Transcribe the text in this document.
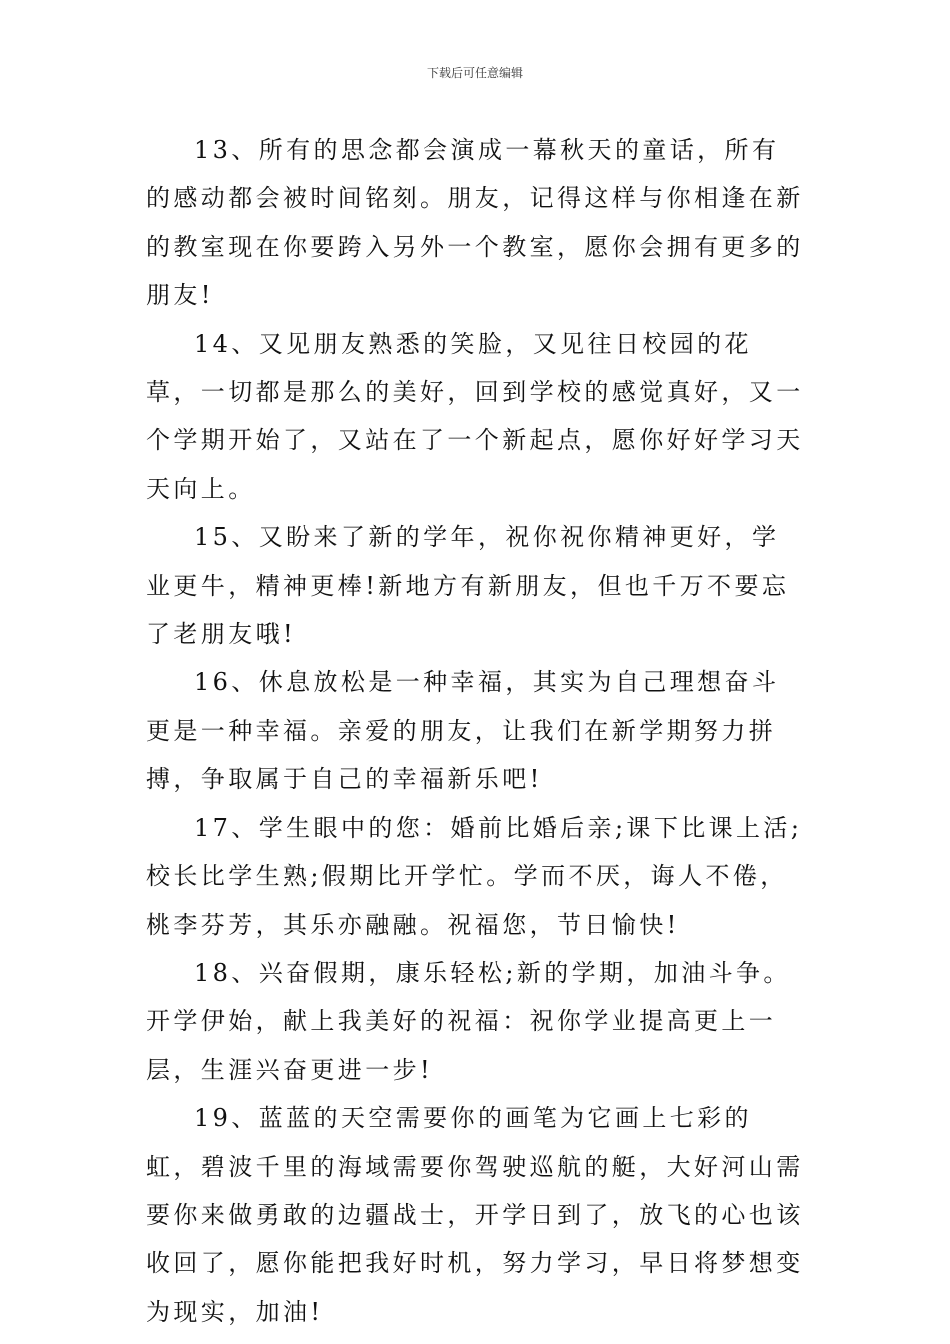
下载后可任意编辑

13、所有的思念都会演成一幕秋天的童话，所有的感动都会被时间铭刻。朋友，记得这样与你相逢在新的教室现在你要跨入另外一个教室，愿你会拥有更多的朋友!

14、又见朋友熟悉的笑脸，又见往日校园的花草，一切都是那么的美好，回到学校的感觉真好，又一个学期开始了，又站在了一个新起点，愿你好好学习天天向上。

15、又盼来了新的学年，祝你祝你精神更好，学业更牛，精神更棒!新地方有新朋友，但也千万不要忘了老朋友哦!

16、休息放松是一种幸福，其实为自己理想奋斗更是一种幸福。亲爱的朋友，让我们在新学期努力拼搏，争取属于自己的幸福新乐吧!

17、学生眼中的您：婚前比婚后亲;课下比课上活;校长比学生熟;假期比开学忙。学而不厌，诲人不倦，桃李芬芳，其乐亦融融。祝福您，节日愉快!

18、兴奋假期，康乐轻松;新的学期，加油斗争。开学伊始，献上我美好的祝福：祝你学业提高更上一层，生涯兴奋更进一步!

19、蓝蓝的天空需要你的画笔为它画上七彩的虹，碧波千里的海域需要你驾驶巡航的艇，大好河山需要你来做勇敢的边疆战士，开学日到了，放飞的心也该收回了，愿你能把我好时机，努力学习，早日将梦想变为现实，加油!
